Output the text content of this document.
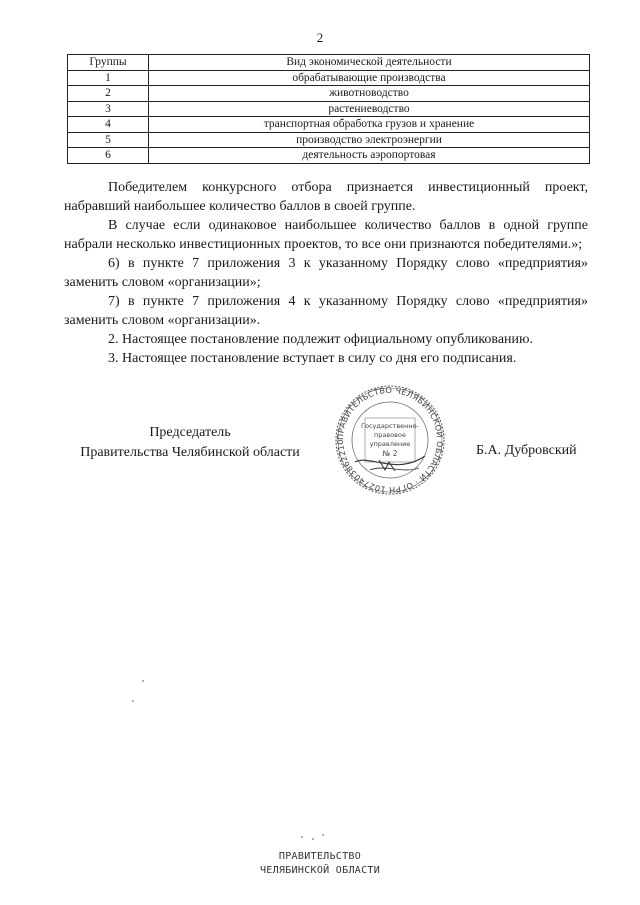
2
Группы	Вид экономической деятельности
1	обрабатывающие производства
2	животноводство
3	растениеводство
4	транспортная обработка грузов и хранение
5	производство электроэнергии
6	деятельность аэропортовая

Победителем конкурсного отбора признается инвестиционный проект, набравший наибольшее количество баллов в своей группе.

В случае если одинаковое наибольшее количество баллов в одной группе набрали несколько инвестиционных проектов, то все они признаются победителями.»;

6) в пункте 7 приложения 3 к указанному Порядку слово «предприятия» заменить словом «организации»;

7) в пункте 7 приложения 4 к указанному Порядку слово «предприятия» заменить словом «организации».

2. Настоящее постановление подлежит официальному опубликованию.

3. Настоящее постановление вступает в силу со дня его подписания.

Председатель
Правительства Челябинской области
ПРАВИТЕЛЬСТВО ЧЕЛЯБИНСКОЙ ОБЛАСТИ · ОГРН 1027403862210
Государственно-
правовое
управление
№ 2	Б.А. Дубровский
ПРАВИТЕЛЬСТВО
ЧЕЛЯБИНСКОЙ ОБЛАСТИ
